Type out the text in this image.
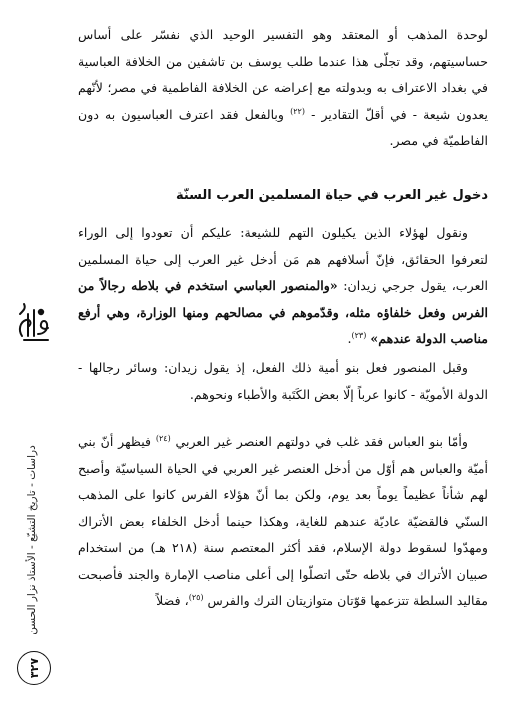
لوحدة المذهب أو المعتقد وهو التفسير الوحيد الذي نفسّر على أساس حساسيتهم، وقد تجلّى هذا عندما طلب يوسف بن تاشفين من الخلافة العباسية في بغداد الاعتراف به وبدولته مع إعراضه عن الخلافة الفاطمية في مصر؛ لأنّهم يعدون شيعة - في أقلّ التقادير - $^{(٢٢)}$ وبالفعل فقد اعترف العباسيون به دون الفاطميّة في مصر.

دخول غير العرب في حياة المسلمين العرب السنّة

ونقول لهؤلاء الذين يكيلون التهم للشيعة: عليكم أن تعودوا إلى الوراء لتعرفوا الحقائق، فإنّ أسلافهم هم مَن أدخل غير العرب إلى حياة المسلمين العرب، يقول جرجي زيدان: «والمنصور العباسي استخدم في بلاطه رجالاً من الفرس وفعل خلفاؤه مثله، وقدّموهم في مصالحهم ومنها الوزارة، وهي أرفع مناصب الدولة عندهم» $^{(٢٣)}$.

وقبل المنصور فعل بنو أمية ذلك الفعل، إذ يقول زيدان: وسائر رجالها - الدولة الأمويّة - كانوا عرباً إلّا بعض الكَتَبة والأطباء ونحوهم.

وأمّا بنو العباس فقد غلب في دولتهم العنصر غير العربي $^{(٢٤)}$ فيظهر أنّ بني أميّة والعباس هم أوّل من أدخل العنصر غير العربي في الحياة السياسيّة وأصبح لهم شأناً عظيماً يوماً بعد يوم، ولكن بما أنّ هؤلاء الفرس كانوا على المذهب السنّي فالقضيّة عاديّة عندهم للغاية، وهكذا حينما أدخل الخلفاء بعض الأتراك ومهدّوا لسقوط دولة الإسلام، فقد أكثر المعتصم سنة (٢١٨ هـ) من استخدام صبيان الأتراك في بلاطه حتّى اتصلّوا إلى أعلى مناصب الإمارة والجند فأصبحت مقاليد السلطة تتزعمها قوّتان متوازيتان الترك والفرس $^{(٢٥)}$، فضلاً

دراسات - تاريخ التشيّع - الأستاذ نزار الحسن
٣٢٧
